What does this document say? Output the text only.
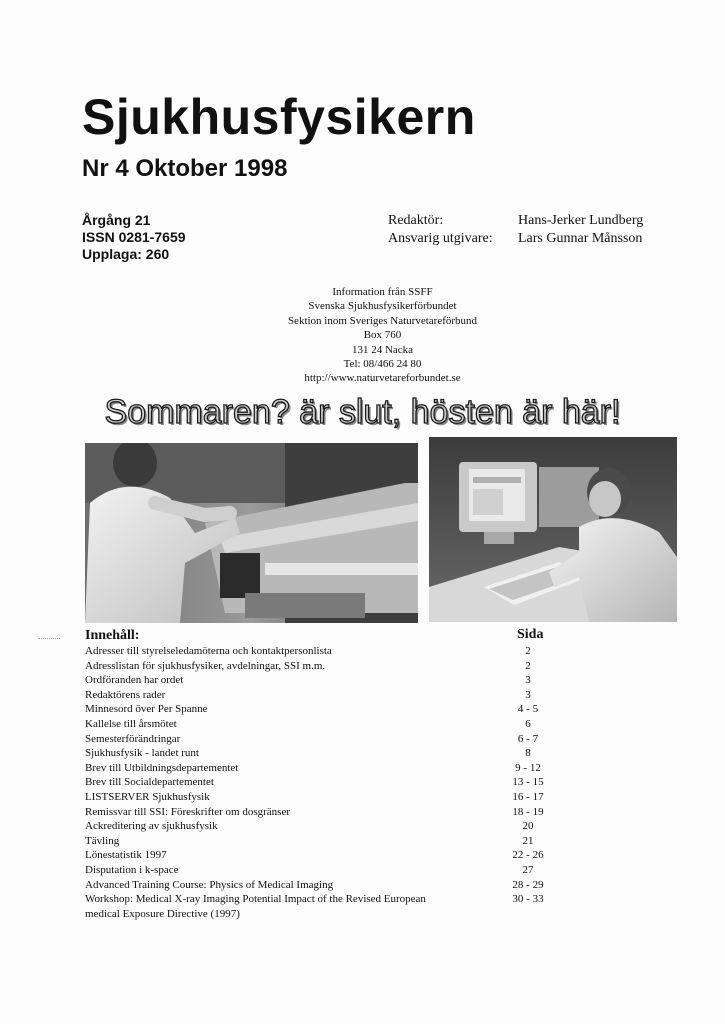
Sjukhusfysikern
Nr 4 Oktober 1998
Årgång 21
ISSN 0281-7659
Upplaga: 260
Redaktör:
Ansvarig utgivare:
Hans-Jerker Lundberg
Lars Gunnar Månsson
Information från SSFF
Svenska Sjukhusfysikerförbundet
Sektion inom Sveriges Naturvetareförbund
Box 760
131 24 Nacka
Tel: 08/466 24 80
http://www.naturvetareforbundet.se
Sommaren? är slut, hösten är här!
Innehåll:	Sida
Adresser till styrelseledamöterna och kontaktpersonlista
Adresslistan för sjukhusfysiker, avdelningar, SSI m.m.
Ordföranden har ordet
Redaktörens rader
Minnesord över Per Spanne
Kallelse till årsmötet
Semesterförändringar
Sjukhusfysik - landet runt
Brev till Utbildningsdepartementet
Brev till Socialdepartementet
LISTSERVER Sjukhusfysik
Remissvar till SSI: Föreskrifter om dosgränser
Ackreditering av sjukhusfysik
Tävling
Lönestatistik 1997
Disputation i k-space
Advanced Training Course: Physics of Medical Imaging
Workshop: Medical X-ray Imaging Potential Impact of the Revised European
medical Exposure Directive (1997)
2
2
3
3
4 - 5
6
6 - 7
8
9 - 12
13 - 15
16 - 17
18 - 19
20
21
22 - 26
27
28 - 29
30 - 33
